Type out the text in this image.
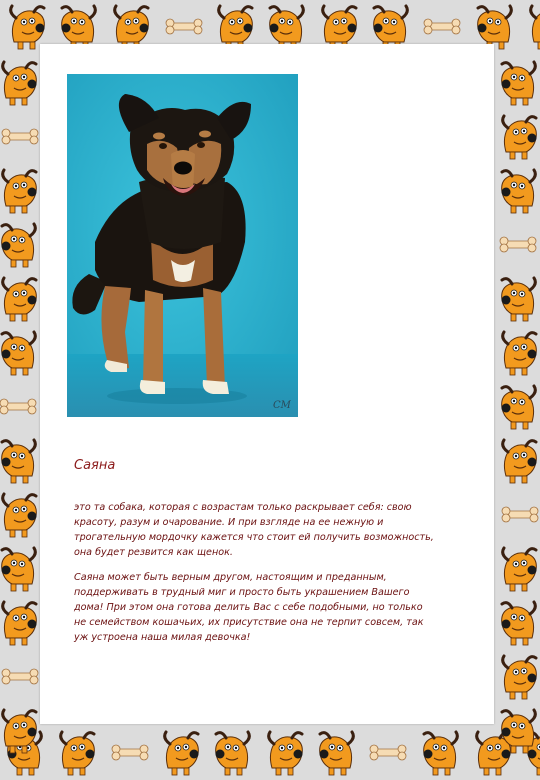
СМ
Саяна

это та собака, которая с возрастам только раскрывает себя: свою красоту, разум и очарование. И при взгляде на ее нежную и трогательную мордочку кажется что стоит ей получить возможность, она будет резвится как щенок.

Саяна может быть верным другом, настоящим и преданным, поддерживать в трудный миг и просто быть украшением Вашего дома! При этом она готова делить Вас с себе подобными, но только не семейством кошачьих, их присутствие она не терпит совсем, так уж устроена наша милая девочка!
